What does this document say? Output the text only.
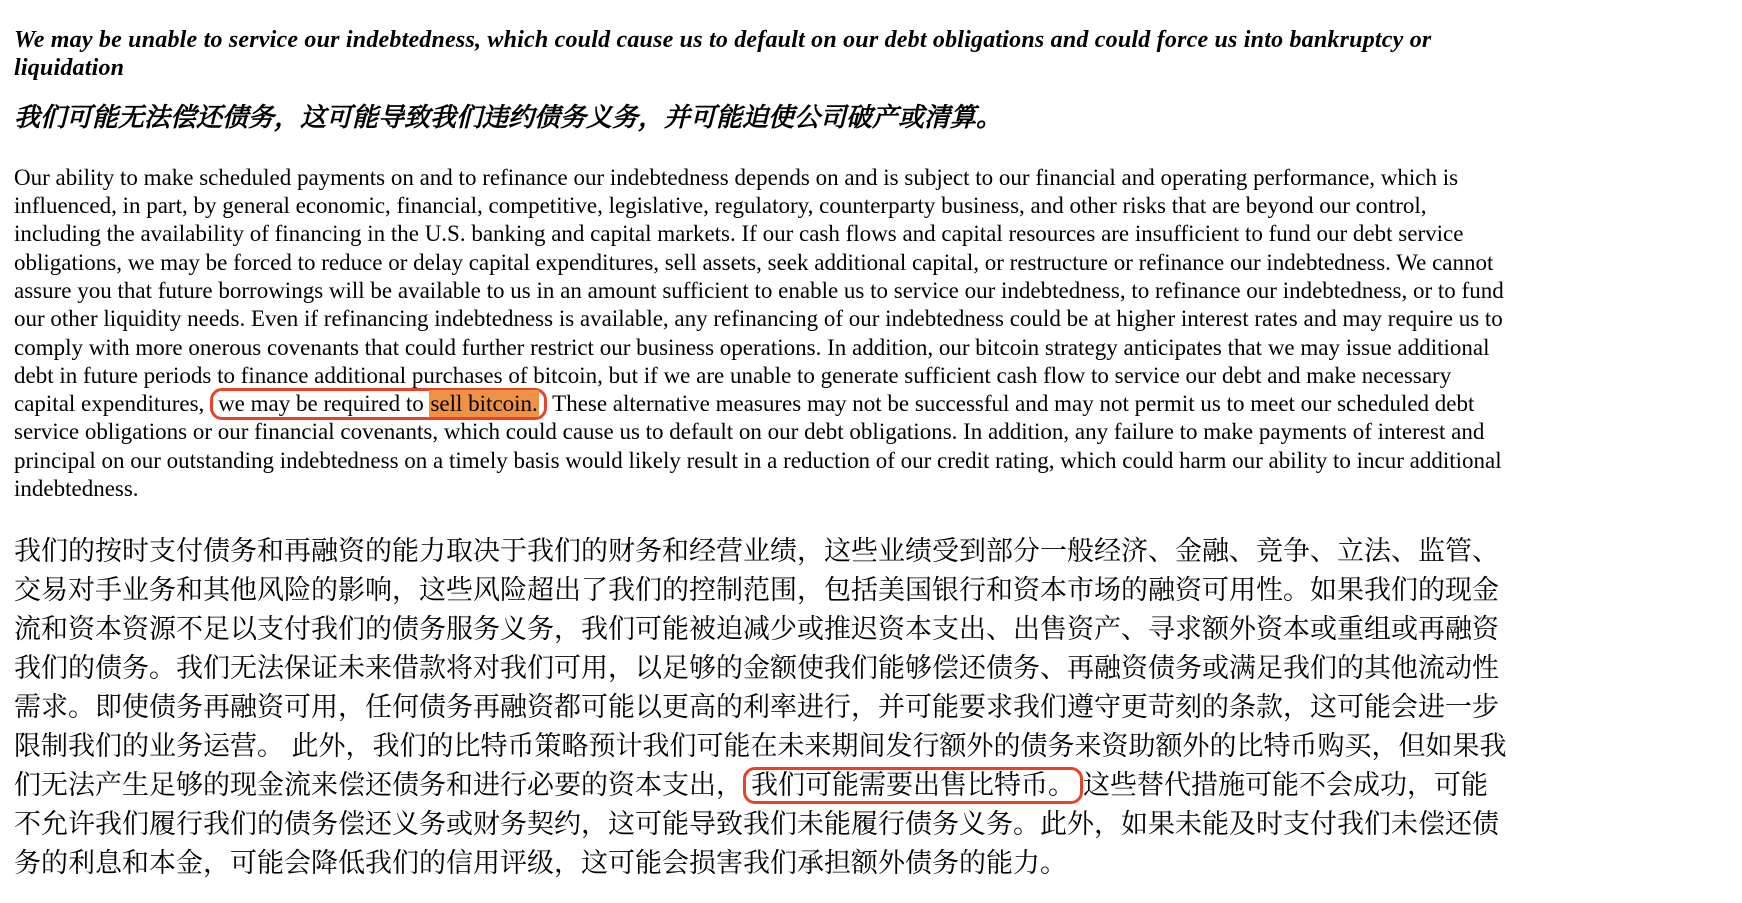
We may be unable to service our indebtedness, which could cause us to default on our debt obligations and could force us into bankruptcy or liquidation
我们可能无法偿还债务，这可能导致我们违约债务义务，并可能迫使公司破产或清算。

Our ability to make scheduled payments on and to refinance our indebtedness depends on and is subject to our financial and operating performance, which is influenced, in part, by general economic, financial, competitive, legislative, regulatory, counterparty business, and other risks that are beyond our control, including the availability of financing in the U.S. banking and capital markets. If our cash flows and capital resources are insufficient to fund our debt service obligations, we may be forced to reduce or delay capital expenditures, sell assets, seek additional capital, or restructure or refinance our indebtedness. We cannot assure you that future borrowings will be available to us in an amount sufficient to enable us to service our indebtedness, to refinance our indebtedness, or to fund our other liquidity needs. Even if refinancing indebtedness is available, any refinancing of our indebtedness could be at higher interest rates and may require us to comply with more onerous covenants that could further restrict our business operations. In addition, our bitcoin strategy anticipates that we may issue additional debt in future periods to finance additional purchases of bitcoin, but if we are unable to generate sufficient cash flow to service our debt and make necessary capital expenditures, we may be required to sell bitcoin. These alternative measures may not be successful and may not permit us to meet our scheduled debt service obligations or our financial covenants, which could cause us to default on our debt obligations. In addition, any failure to make payments of interest and principal on our outstanding indebtedness on a timely basis would likely result in a reduction of our credit rating, which could harm our ability to incur additional indebtedness.

我们的按时支付债务和再融资的能力取决于我们的财务和经营业绩，这些业绩受到部分一般经济、金融、竞争、立法、监管、交易对手业务和其他风险的影响，这些风险超出了我们的控制范围，包括美国银行和资本市场的融资可用性。如果我们的现金流和资本资源不足以支付我们的债务服务义务，我们可能被迫减少或推迟资本支出、出售资产、寻求额外资本或重组或再融资我们的债务。我们无法保证未来借款将对我们可用，以足够的金额使我们能够偿还债务、再融资债务或满足我们的其他流动性需求。即使债务再融资可用，任何债务再融资都可能以更高的利率进行，并可能要求我们遵守更苛刻的条款，这可能会进一步限制我们的业务运营。 此外，我们的比特币策略预计我们可能在未来期间发行额外的债务来资助额外的比特币购买，但如果我们无法产生足够的现金流来偿还债务和进行必要的资本支出， 我们可能需要出售比特币。 这些替代措施可能不会成功，可能不允许我们履行我们的债务偿还义务或财务契约，这可能导致我们未能履行债务义务。此外，如果未能及时支付我们未偿还债务的利息和本金，可能会降低我们的信用评级，这可能会损害我们承担额外债务的能力。
